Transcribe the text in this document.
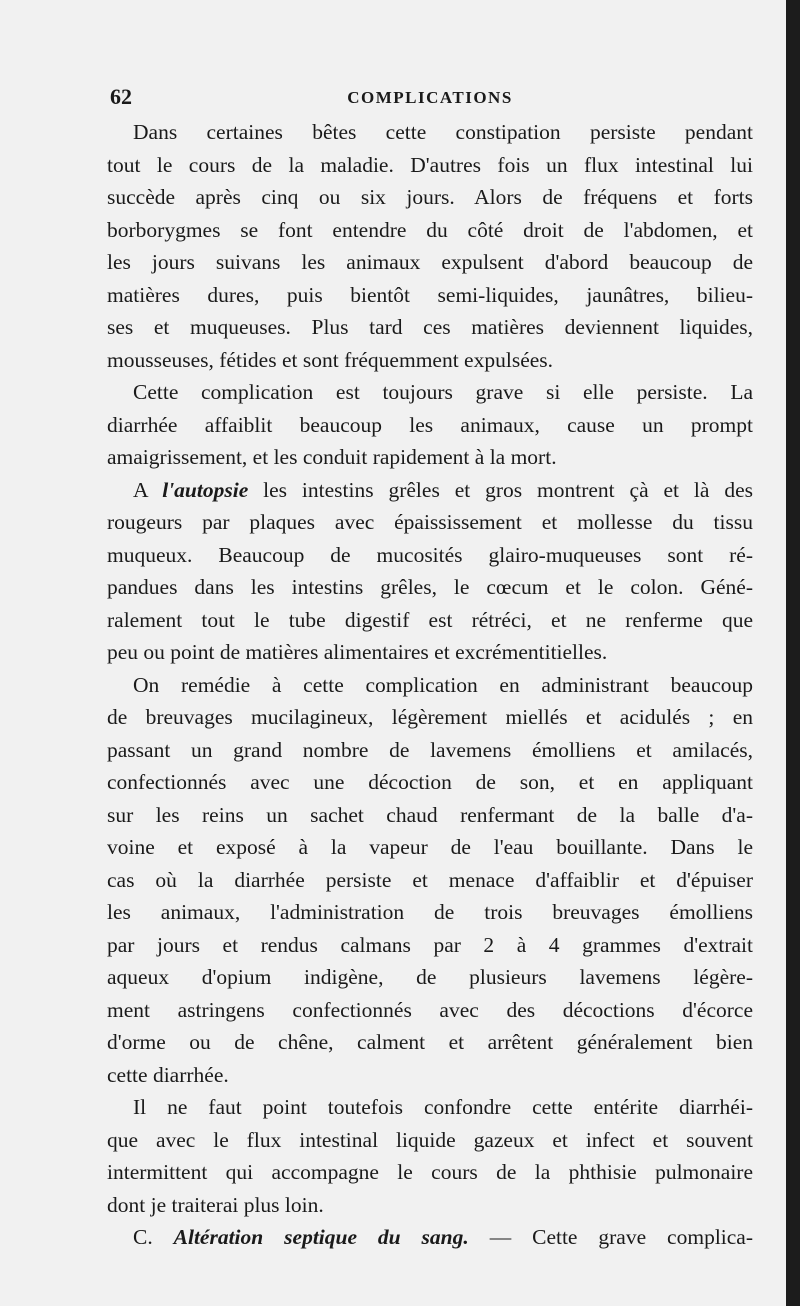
62	COMPLICATIONS
Dans certaines bêtes cette constipation persiste pendant
tout le cours de la maladie. D'autres fois un flux intestinal lui
succède après cinq ou six jours. Alors de fréquens et forts
borborygmes se font entendre du côté droit de l'abdomen, et
les jours suivans les animaux expulsent d'abord beaucoup de
matières dures, puis bientôt semi-liquides, jaunâtres, bilieu-
ses et muqueuses. Plus tard ces matières deviennent liquides,
mousseuses, fétides et sont fréquemment expulsées.
Cette complication est toujours grave si elle persiste. La
diarrhée affaiblit beaucoup les animaux, cause un prompt
amaigrissement, et les conduit rapidement à la mort.
A l'autopsie les intestins grêles et gros montrent çà et là des
rougeurs par plaques avec épaississement et mollesse du tissu
muqueux. Beaucoup de mucosités glairo-muqueuses sont ré-
pandues dans les intestins grêles, le cœcum et le colon. Géné-
ralement tout le tube digestif est rétréci, et ne renferme que
peu ou point de matières alimentaires et excrémentitielles.
On remédie à cette complication en administrant beaucoup
de breuvages mucilagineux, légèrement miellés et acidulés ; en
passant un grand nombre de lavemens émolliens et amilacés,
confectionnés avec une décoction de son, et en appliquant
sur les reins un sachet chaud renfermant de la balle d'a-
voine et exposé à la vapeur de l'eau bouillante. Dans le
cas où la diarrhée persiste et menace d'affaiblir et d'épuiser
les animaux, l'administration de trois breuvages émolliens
par jours et rendus calmans par 2 à 4 grammes d'extrait
aqueux d'opium indigène, de plusieurs lavemens légère-
ment astringens confectionnés avec des décoctions d'écorce
d'orme ou de chêne, calment et arrêtent généralement bien
cette diarrhée.
Il ne faut point toutefois confondre cette entérite diarrhéi-
que avec le flux intestinal liquide gazeux et infect et souvent
intermittent qui accompagne le cours de la phthisie pulmonaire
dont je traiterai plus loin.
C. Altération septique du sang. — Cette grave complica-
